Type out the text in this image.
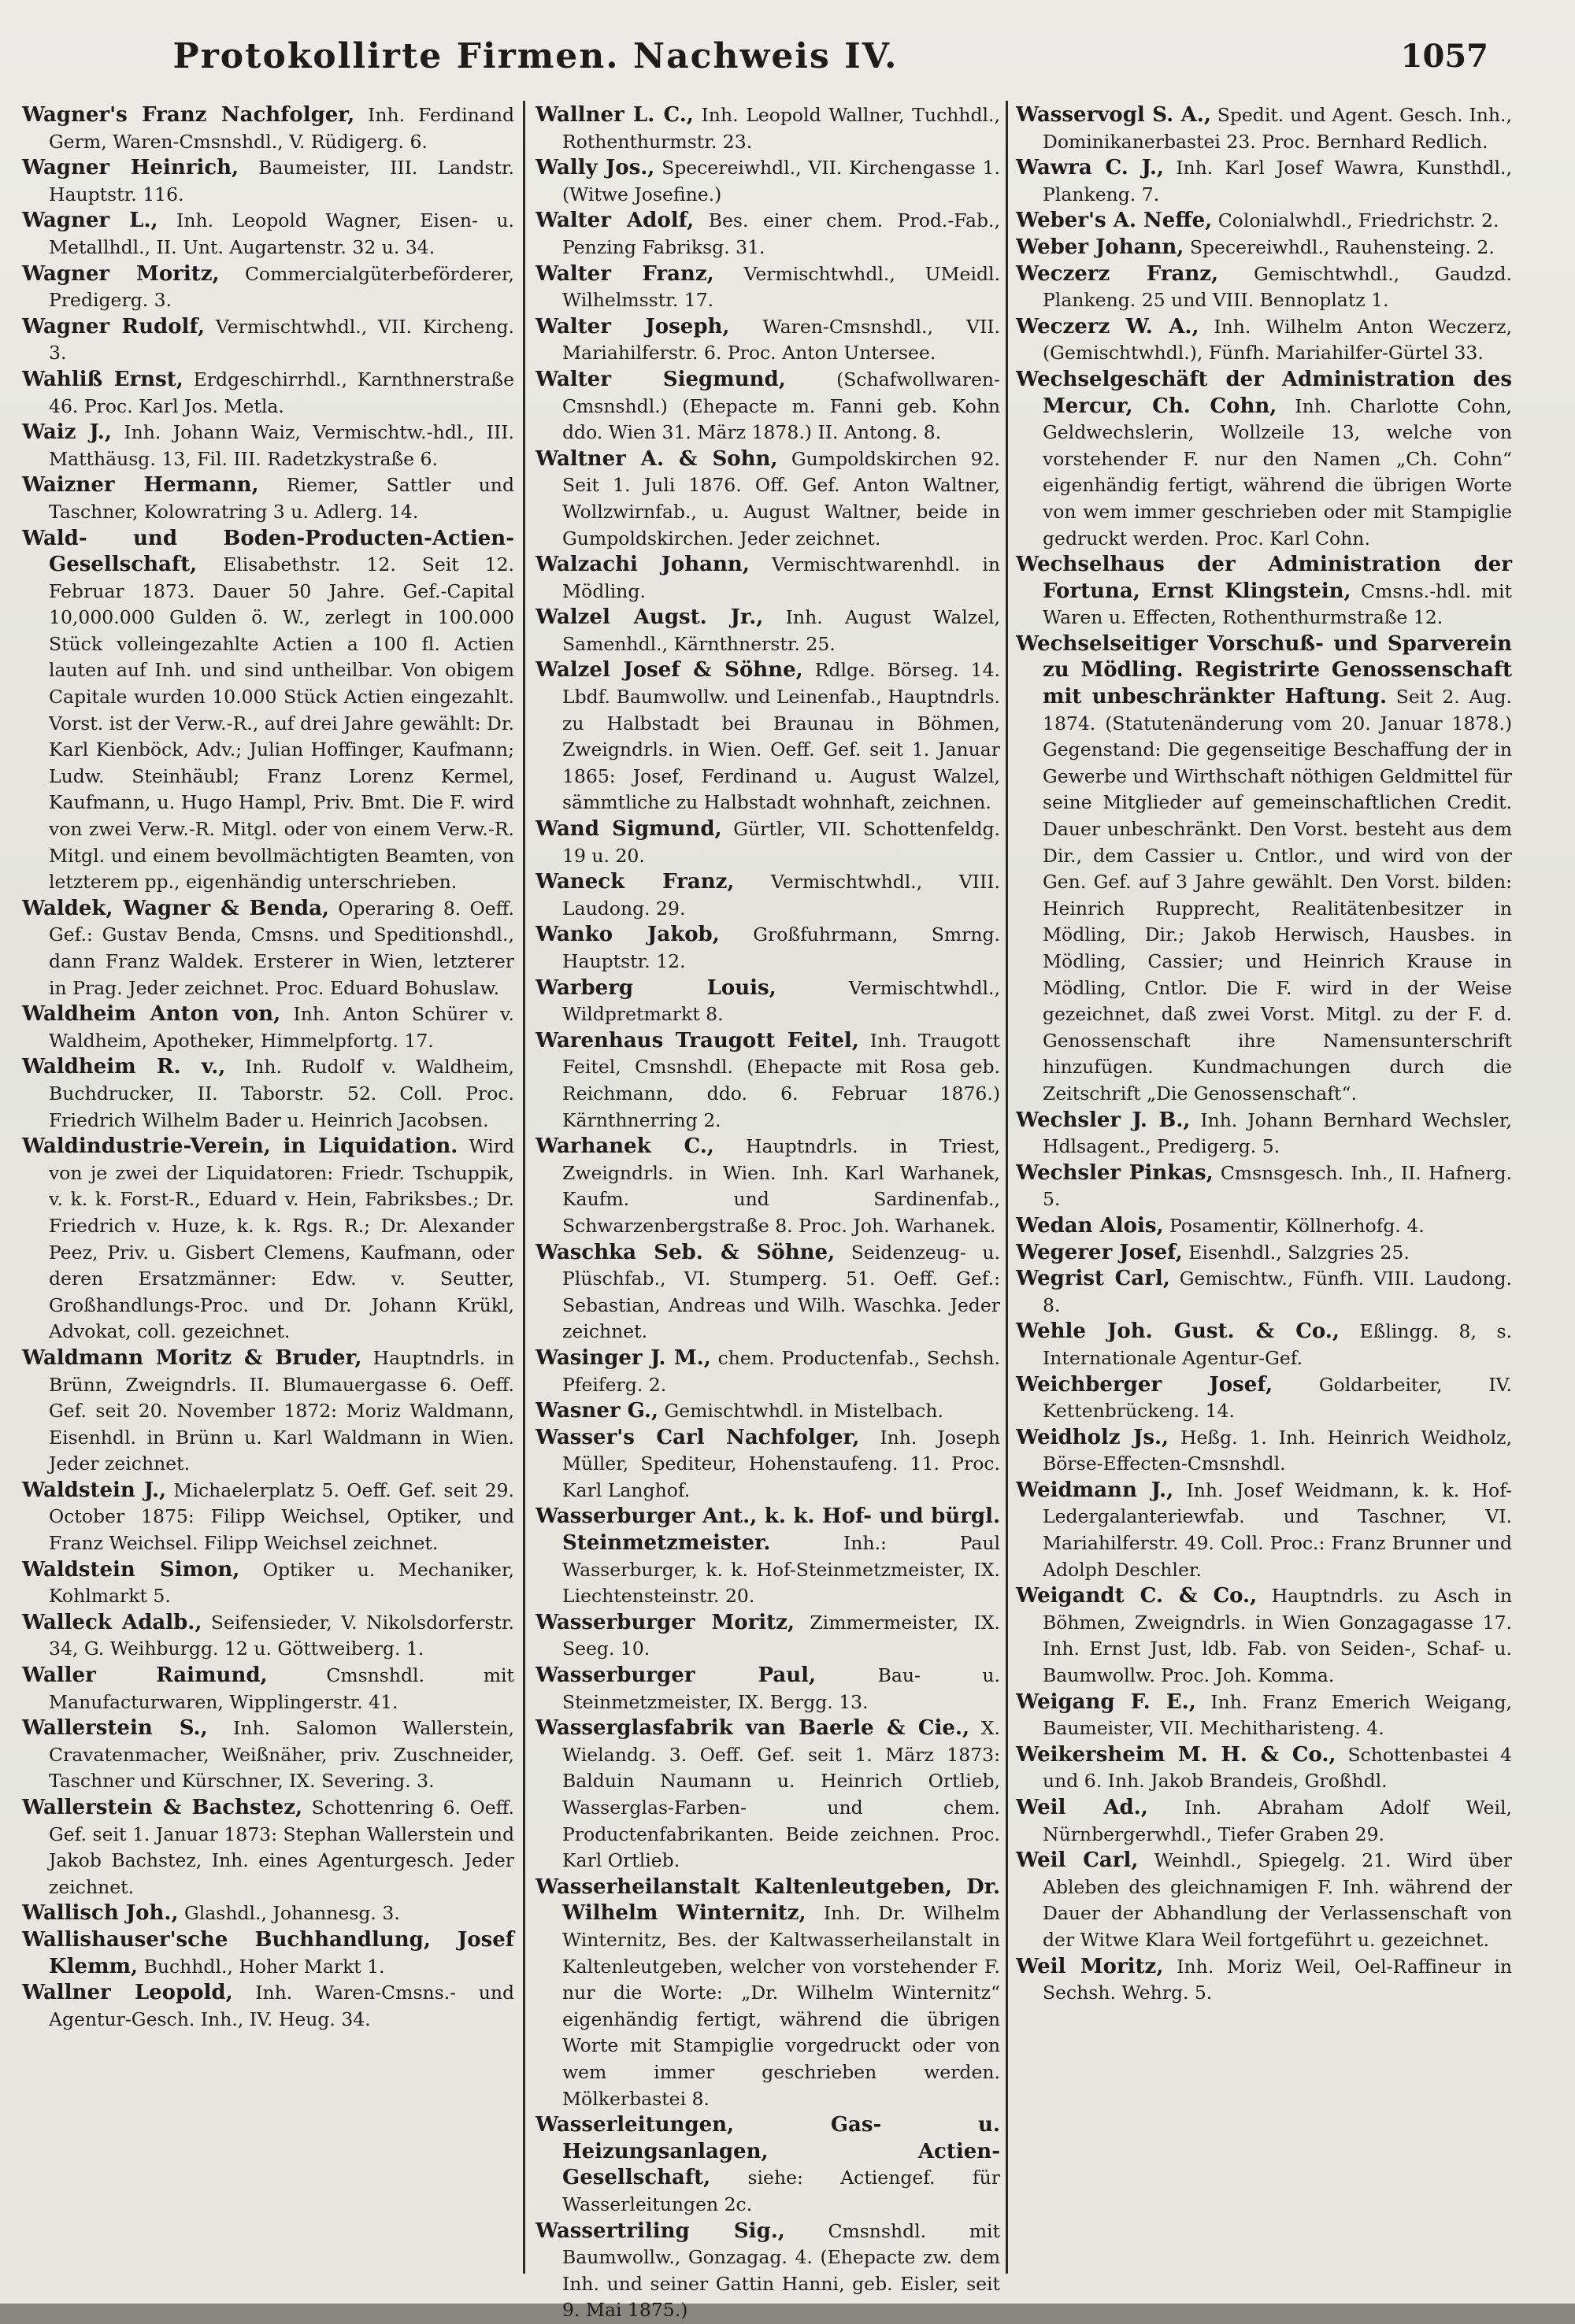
Protokollirte Firmen. Nachweis IV.	1057

Wagner's Franz Nachfolger, Inh. Ferdinand Germ, Waren-Cmsnshdl., V. Rüdigerg. 6.

Wagner Heinrich, Baumeister, III. Landstr. Hauptstr. 116.

Wagner L., Inh. Leopold Wagner, Eisen- u. Metallhdl., II. Unt. Augartenstr. 32 u. 34.

Wagner Moritz, Commercialgüterbeförderer, Predigerg. 3.

Wagner Rudolf, Vermischtwhdl., VII. Kircheng. 3.

Wahliß Ernst, Erdgeschirrhdl., Karnthnerstraße 46. Proc. Karl Jos. Metla.

Waiz J., Inh. Johann Waiz, Vermischtw.-hdl., III. Matthäusg. 13, Fil. III. Radetzkystraße 6.

Waizner Hermann, Riemer, Sattler und Taschner, Kolowratring 3 u. Adlerg. 14.

Wald- und Boden-Producten-Actien-Gesellschaft, Elisabethstr. 12. Seit 12. Februar 1873. Dauer 50 Jahre. Gef.-Capital 10,000.000 Gulden ö. W., zerlegt in 100.000 Stück volleingezahlte Actien a 100 fl. Actien lauten auf Inh. und sind untheilbar. Von obigem Capitale wurden 10.000 Stück Actien eingezahlt. Vorst. ist der Verw.-R., auf drei Jahre gewählt: Dr. Karl Kienböck, Adv.; Julian Hoffinger, Kaufmann; Ludw. Steinhäubl; Franz Lorenz Kermel, Kaufmann, u. Hugo Hampl, Priv. Bmt. Die F. wird von zwei Verw.-R. Mitgl. oder von einem Verw.-R. Mitgl. und einem bevollmächtigten Beamten, von letzterem pp., eigenhändig unterschrieben.

Waldek, Wagner & Benda, Operaring 8. Oeff. Gef.: Gustav Benda, Cmsns. und Speditionshdl., dann Franz Waldek. Ersterer in Wien, letzterer in Prag. Jeder zeichnet. Proc. Eduard Bohuslaw.

Waldheim Anton von, Inh. Anton Schürer v. Waldheim, Apotheker, Himmelpfortg. 17.

Waldheim R. v., Inh. Rudolf v. Waldheim, Buchdrucker, II. Taborstr. 52. Coll. Proc. Friedrich Wilhelm Bader u. Heinrich Jacobsen.

Waldindustrie-Verein, in Liquidation. Wird von je zwei der Liquidatoren: Friedr. Tschuppik, v. k. k. Forst-R., Eduard v. Hein, Fabriksbes.; Dr. Friedrich v. Huze, k. k. Rgs. R.; Dr. Alexander Peez, Priv. u. Gisbert Clemens, Kaufmann, oder deren Ersatzmänner: Edw. v. Seutter, Großhandlungs-Proc. und Dr. Johann Krükl, Advokat, coll. gezeichnet.

Waldmann Moritz & Bruder, Hauptndrls. in Brünn, Zweigndrls. II. Blumauergasse 6. Oeff. Gef. seit 20. November 1872: Moriz Waldmann, Eisenhdl. in Brünn u. Karl Waldmann in Wien. Jeder zeichnet.

Waldstein J., Michaelerplatz 5. Oeff. Gef. seit 29. October 1875: Filipp Weichsel, Optiker, und Franz Weichsel. Filipp Weichsel zeichnet.

Waldstein Simon, Optiker u. Mechaniker, Kohlmarkt 5.

Walleck Adalb., Seifensieder, V. Nikolsdorferstr. 34, G. Weihburgg. 12 u. Göttweiberg. 1.

Waller Raimund, Cmsnshdl. mit Manufacturwaren, Wipplingerstr. 41.

Wallerstein S., Inh. Salomon Wallerstein, Cravatenmacher, Weißnäher, priv. Zuschneider, Taschner und Kürschner, IX. Severing. 3.

Wallerstein & Bachstez, Schottenring 6. Oeff. Gef. seit 1. Januar 1873: Stephan Wallerstein und Jakob Bachstez, Inh. eines Agenturgesch. Jeder zeichnet.

Wallisch Joh., Glashdl., Johannesg. 3.

Wallishauser'sche Buchhandlung, Josef Klemm, Buchhdl., Hoher Markt 1.

Wallner Leopold, Inh. Waren-Cmsns.- und Agentur-Gesch. Inh., IV. Heug. 34.

Wallner L. C., Inh. Leopold Wallner, Tuchhdl., Rothenthurmstr. 23.

Wally Jos., Specereiwhdl., VII. Kirchengasse 1. (Witwe Josefine.)

Walter Adolf, Bes. einer chem. Prod.-Fab., Penzing Fabriksg. 31.

Walter Franz, Vermischtwhdl., UMeidl. Wilhelmsstr. 17.

Walter Joseph, Waren-Cmsnshdl., VII. Mariahilferstr. 6. Proc. Anton Untersee.

Walter Siegmund, (Schafwollwaren-Cmsnshdl.) (Ehepacte m. Fanni geb. Kohn ddo. Wien 31. März 1878.) II. Antong. 8.

Waltner A. & Sohn, Gumpoldskirchen 92. Seit 1. Juli 1876. Off. Gef. Anton Waltner, Wollzwirnfab., u. August Waltner, beide in Gumpoldskirchen. Jeder zeichnet.

Walzachi Johann, Vermischtwarenhdl. in Mödling.

Walzel Augst. Jr., Inh. August Walzel, Samenhdl., Kärnthnerstr. 25.

Walzel Josef & Söhne, Rdlge. Börseg. 14. Lbdf. Baumwollw. und Leinenfab., Hauptndrls. zu Halbstadt bei Braunau in Böhmen, Zweigndrls. in Wien. Oeff. Gef. seit 1. Januar 1865: Josef, Ferdinand u. August Walzel, sämmtliche zu Halbstadt wohnhaft, zeichnen.

Wand Sigmund, Gürtler, VII. Schottenfeldg. 19 u. 20.

Waneck Franz, Vermischtwhdl., VIII. Laudong. 29.

Wanko Jakob, Großfuhrmann, Smrng. Hauptstr. 12.

Warberg Louis, Vermischtwhdl., Wildpretmarkt 8.

Warenhaus Traugott Feitel, Inh. Traugott Feitel, Cmsnshdl. (Ehepacte mit Rosa geb. Reichmann, ddo. 6. Februar 1876.) Kärnthnerring 2.

Warhanek C., Hauptndrls. in Triest, Zweigndrls. in Wien. Inh. Karl Warhanek, Kaufm. und Sardinenfab., Schwarzenbergstraße 8. Proc. Joh. Warhanek.

Waschka Seb. & Söhne, Seidenzeug- u. Plüschfab., VI. Stumperg. 51. Oeff. Gef.: Sebastian, Andreas und Wilh. Waschka. Jeder zeichnet.

Wasinger J. M., chem. Productenfab., Sechsh. Pfeiferg. 2.

Wasner G., Gemischtwhdl. in Mistelbach.

Wasser's Carl Nachfolger, Inh. Joseph Müller, Spediteur, Hohenstaufeng. 11. Proc. Karl Langhof.

Wasserburger Ant., k. k. Hof- und bürgl. Steinmetzmeister. Inh.: Paul Wasserburger, k. k. Hof-Steinmetzmeister, IX. Liechtensteinstr. 20.

Wasserburger Moritz, Zimmermeister, IX. Seeg. 10.

Wasserburger Paul, Bau- u. Steinmetzmeister, IX. Bergg. 13.

Wasserglasfabrik van Baerle & Cie., X. Wielandg. 3. Oeff. Gef. seit 1. März 1873: Balduin Naumann u. Heinrich Ortlieb, Wasserglas-Farben- und chem. Productenfabrikanten. Beide zeichnen. Proc. Karl Ortlieb.

Wasserheilanstalt Kaltenleutgeben, Dr. Wilhelm Winternitz, Inh. Dr. Wilhelm Winternitz, Bes. der Kaltwasserheilanstalt in Kaltenleutgeben, welcher von vorstehender F. nur die Worte: „Dr. Wilhelm Winternitz“ eigenhändig fertigt, während die übrigen Worte mit Stampiglie vorgedruckt oder von wem immer geschrieben werden. Mölkerbastei 8.

Wasserleitungen, Gas- u. Heizungsanlagen, Actien-Gesellschaft, siehe: Actiengef. für Wasserleitungen 2c.

Wassertriling Sig., Cmsnshdl. mit Baumwollw., Gonzagag. 4. (Ehepacte zw. dem Inh. und seiner Gattin Hanni, geb. Eisler, seit 9. Mai 1875.)

Wasservogl S. A., Spedit. und Agent. Gesch. Inh., Dominikanerbastei 23. Proc. Bernhard Redlich.

Wawra C. J., Inh. Karl Josef Wawra, Kunsthdl., Plankeng. 7.

Weber's A. Neffe, Colonialwhdl., Friedrichstr. 2.

Weber Johann, Specereiwhdl., Rauhensteing. 2.

Weczerz Franz, Gemischtwhdl., Gaudzd. Plankeng. 25 und VIII. Bennoplatz 1.

Weczerz W. A., Inh. Wilhelm Anton Weczerz, (Gemischtwhdl.), Fünfh. Mariahilfer-Gürtel 33.

Wechselgeschäft der Administration des Mercur, Ch. Cohn, Inh. Charlotte Cohn, Geldwechslerin, Wollzeile 13, welche von vorstehender F. nur den Namen „Ch. Cohn“ eigenhändig fertigt, während die übrigen Worte von wem immer geschrieben oder mit Stampiglie gedruckt werden. Proc. Karl Cohn.

Wechselhaus der Administration der Fortuna, Ernst Klingstein, Cmsns.-hdl. mit Waren u. Effecten, Rothenthurmstraße 12.

Wechselseitiger Vorschuß- und Sparverein zu Mödling. Registrirte Genossenschaft mit unbeschränkter Haftung. Seit 2. Aug. 1874. (Statutenänderung vom 20. Januar 1878.) Gegenstand: Die gegenseitige Beschaffung der in Gewerbe und Wirthschaft nöthigen Geldmittel für seine Mitglieder auf gemeinschaftlichen Credit. Dauer unbeschränkt. Den Vorst. besteht aus dem Dir., dem Cassier u. Cntlor., und wird von der Gen. Gef. auf 3 Jahre gewählt. Den Vorst. bilden: Heinrich Rupprecht, Realitätenbesitzer in Mödling, Dir.; Jakob Herwisch, Hausbes. in Mödling, Cassier; und Heinrich Krause in Mödling, Cntlor. Die F. wird in der Weise gezeichnet, daß zwei Vorst. Mitgl. zu der F. d. Genossenschaft ihre Namensunterschrift hinzufügen. Kundmachungen durch die Zeitschrift „Die Genossenschaft“.

Wechsler J. B., Inh. Johann Bernhard Wechsler, Hdlsagent., Predigerg. 5.

Wechsler Pinkas, Cmsnsgesch. Inh., II. Hafnerg. 5.

Wedan Alois, Posamentir, Köllnerhofg. 4.

Wegerer Josef, Eisenhdl., Salzgries 25.

Wegrist Carl, Gemischtw., Fünfh. VIII. Laudong. 8.

Wehle Joh. Gust. & Co., Eßlingg. 8, s. Internationale Agentur-Gef.

Weichberger Josef, Goldarbeiter, IV. Kettenbrückeng. 14.

Weidholz Js., Heßg. 1. Inh. Heinrich Weidholz, Börse-Effecten-Cmsnshdl.

Weidmann J., Inh. Josef Weidmann, k. k. Hof-Ledergalanteriewfab. und Taschner, VI. Mariahilferstr. 49. Coll. Proc.: Franz Brunner und Adolph Deschler.

Weigandt C. & Co., Hauptndrls. zu Asch in Böhmen, Zweigndrls. in Wien Gonzagagasse 17. Inh. Ernst Just, ldb. Fab. von Seiden-, Schaf- u. Baumwollw. Proc. Joh. Komma.

Weigang F. E., Inh. Franz Emerich Weigang, Baumeister, VII. Mechitharisteng. 4.

Weikersheim M. H. & Co., Schottenbastei 4 und 6. Inh. Jakob Brandeis, Großhdl.

Weil Ad., Inh. Abraham Adolf Weil, Nürnbergerwhdl., Tiefer Graben 29.

Weil Carl, Weinhdl., Spiegelg. 21. Wird über Ableben des gleichnamigen F. Inh. während der Dauer der Abhandlung der Verlassenschaft von der Witwe Klara Weil fortgeführt u. gezeichnet.

Weil Moritz, Inh. Moriz Weil, Oel-Raffineur in Sechsh. Wehrg. 5.
